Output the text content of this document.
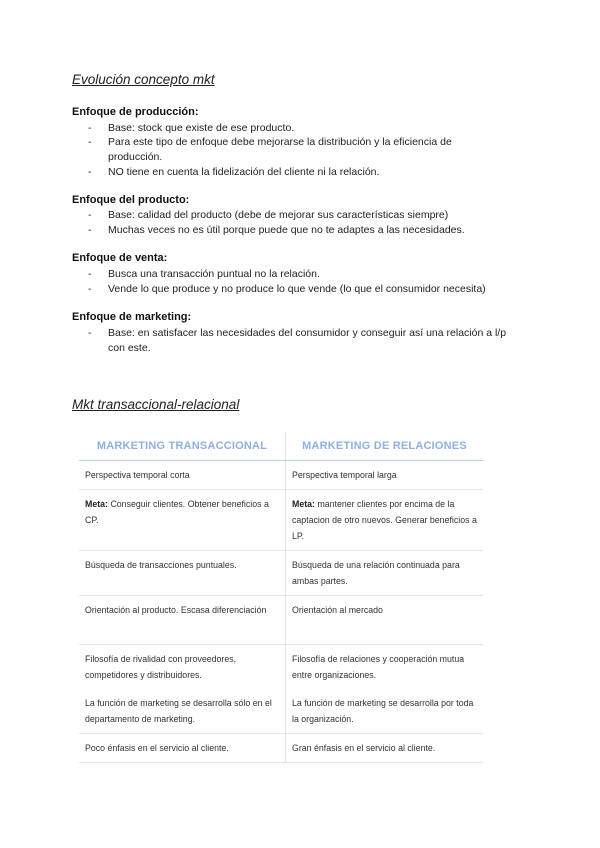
Evolución concepto mkt
Enfoque de producción:
- Base: stock que existe de ese producto.
- Para este tipo de enfoque debe mejorarse la distribución y la eficiencia de producción.
- NO tiene en cuenta la fidelización del cliente ni la relación.
Enfoque del producto:
- Base: calidad del producto (debe de mejorar sus características siempre)
- Muchas veces no es útil porque puede que no te adaptes a las necesidades.
Enfoque de venta:
- Busca una transacción puntual no la relación.
- Vende lo que produce y no produce lo que vende (lo que el consumidor necesita)
Enfoque de marketing:
- Base: en satisfacer las necesidades del consumidor y conseguir así una relación a l/p con este.
Mkt transaccional-relacional
MARKETING TRANSACCIONAL	MARKETING DE RELACIONES
Perspectiva temporal corta	Perspectiva temporal larga
Meta: Conseguir clientes. Obtener beneficios a CP.	Meta: mantener clientes por encima de la captacion de otro nuevos. Generar beneficios a LP.
Búsqueda de transacciones puntuales.	Búsqueda de una relación continuada para ambas partes.
Orientación al producto. Escasa diferenciación	Orientación al mercado
Filosofía de rivalidad con proveedores, competidores y distribuidores.	Filosofía de relaciones y cooperación mutua entre organizaciones.
La función de marketing se desarrolla sólo en el departamento de marketing.	La función de marketing se desarrolla por toda la organización.
Poco énfasis en el servicio al cliente.	Gran énfasis en el servicio al cliente.
